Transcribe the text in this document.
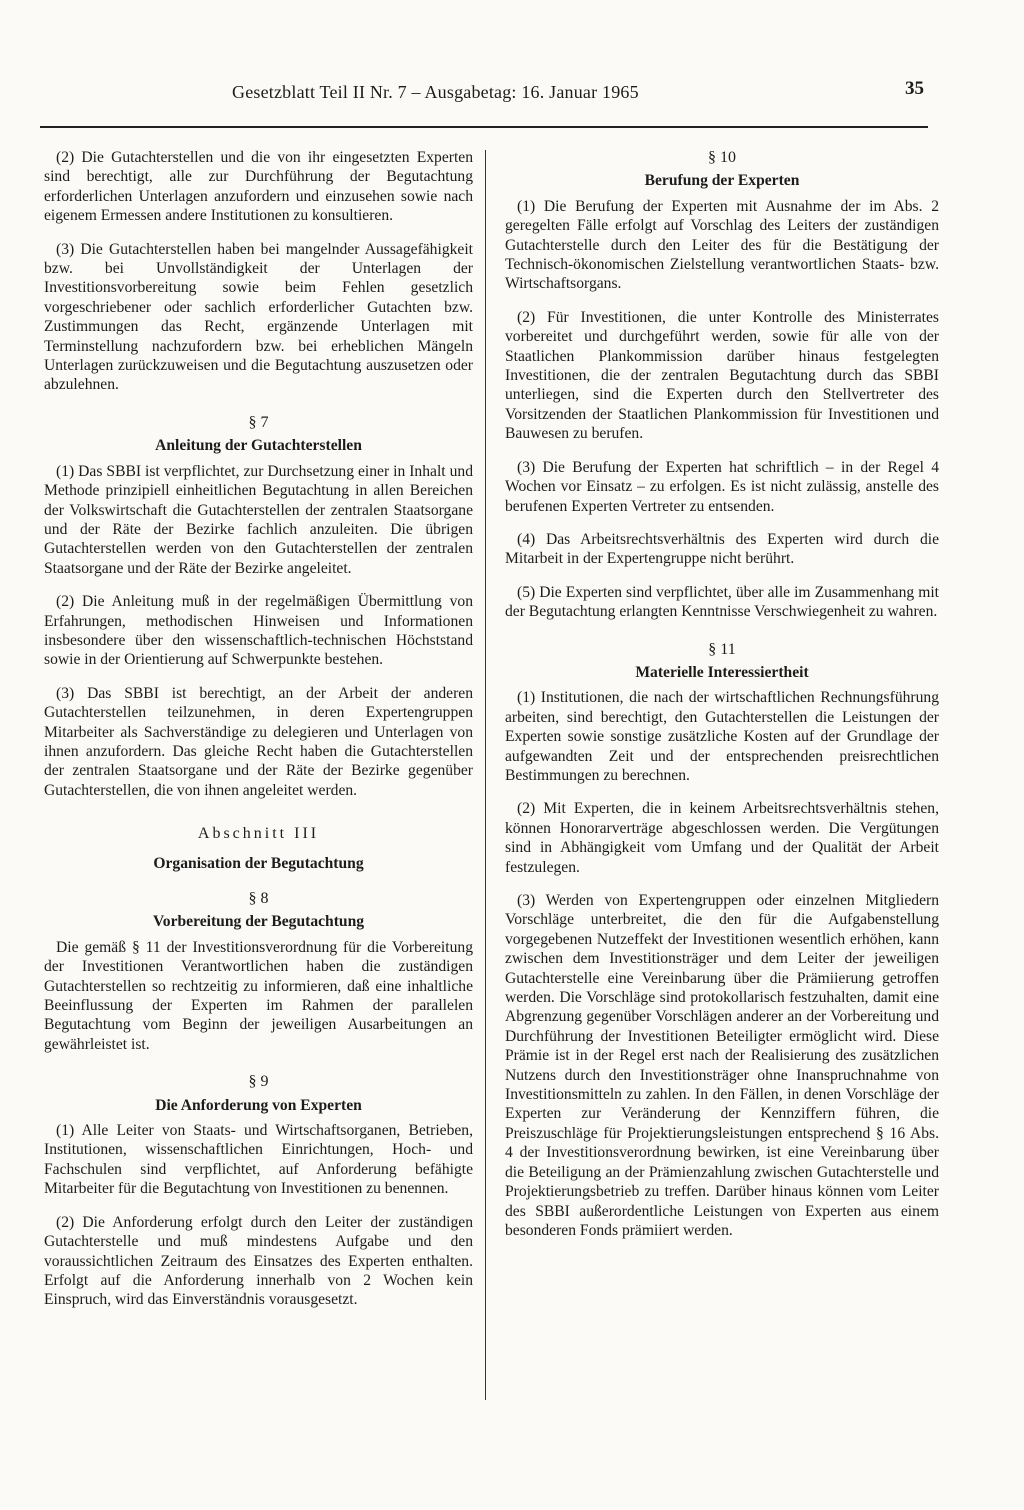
Gesetzblatt Teil II Nr. 7 – Ausgabetag: 16. Januar 1965	35

(2) Die Gutachterstellen und die von ihr eingesetzten Experten sind berechtigt, alle zur Durchführung der Begutachtung erforderlichen Unterlagen anzufordern und einzusehen sowie nach eigenem Ermessen andere Institutionen zu konsultieren.

(3) Die Gutachterstellen haben bei mangelnder Aussagefähigkeit bzw. bei Unvollständigkeit der Unterlagen der Investitionsvorbereitung sowie beim Fehlen gesetzlich vorgeschriebener oder sachlich erforderlicher Gutachten bzw. Zustimmungen das Recht, ergänzende Unterlagen mit Terminstellung nachzufordern bzw. bei erheblichen Mängeln Unterlagen zurückzuweisen und die Begutachtung auszusetzen oder abzulehnen.

§ 7
Anleitung der Gutachterstellen

(1) Das SBBI ist verpflichtet, zur Durchsetzung einer in Inhalt und Methode prinzipiell einheitlichen Begutachtung in allen Bereichen der Volkswirtschaft die Gutachterstellen der zentralen Staatsorgane und der Räte der Bezirke fachlich anzuleiten. Die übrigen Gutachterstellen werden von den Gutachterstellen der zentralen Staatsorgane und der Räte der Bezirke angeleitet.

(2) Die Anleitung muß in der regelmäßigen Übermittlung von Erfahrungen, methodischen Hinweisen und Informationen insbesondere über den wissenschaftlich-technischen Höchststand sowie in der Orientierung auf Schwerpunkte bestehen.

(3) Das SBBI ist berechtigt, an der Arbeit der anderen Gutachterstellen teilzunehmen, in deren Expertengruppen Mitarbeiter als Sachverständige zu delegieren und Unterlagen von ihnen anzufordern. Das gleiche Recht haben die Gutachterstellen der zentralen Staatsorgane und der Räte der Bezirke gegenüber Gutachterstellen, die von ihnen angeleitet werden.

Abschnitt III
Organisation der Begutachtung
§ 8
Vorbereitung der Begutachtung

Die gemäß § 11 der Investitionsverordnung für die Vorbereitung der Investitionen Verantwortlichen haben die zuständigen Gutachterstellen so rechtzeitig zu informieren, daß eine inhaltliche Beeinflussung der Experten im Rahmen der parallelen Begutachtung vom Beginn der jeweiligen Ausarbeitungen an gewährleistet ist.

§ 9
Die Anforderung von Experten

(1) Alle Leiter von Staats- und Wirtschaftsorganen, Betrieben, Institutionen, wissenschaftlichen Einrichtungen, Hoch- und Fachschulen sind verpflichtet, auf Anforderung befähigte Mitarbeiter für die Begutachtung von Investitionen zu benennen.

(2) Die Anforderung erfolgt durch den Leiter der zuständigen Gutachterstelle und muß mindestens Aufgabe und den voraussichtlichen Zeitraum des Einsatzes des Experten enthalten. Erfolgt auf die Anforderung innerhalb von 2 Wochen kein Einspruch, wird das Einverständnis vorausgesetzt.

§ 10
Berufung der Experten

(1) Die Berufung der Experten mit Ausnahme der im Abs. 2 geregelten Fälle erfolgt auf Vorschlag des Leiters der zuständigen Gutachterstelle durch den Leiter des für die Bestätigung der Technisch-ökonomischen Zielstellung verantwortlichen Staats- bzw. Wirtschaftsorgans.

(2) Für Investitionen, die unter Kontrolle des Ministerrates vorbereitet und durchgeführt werden, sowie für alle von der Staatlichen Plankommission darüber hinaus festgelegten Investitionen, die der zentralen Begutachtung durch das SBBI unterliegen, sind die Experten durch den Stellvertreter des Vorsitzenden der Staatlichen Plankommission für Investitionen und Bauwesen zu berufen.

(3) Die Berufung der Experten hat schriftlich – in der Regel 4 Wochen vor Einsatz – zu erfolgen. Es ist nicht zulässig, anstelle des berufenen Experten Vertreter zu entsenden.

(4) Das Arbeitsrechtsverhältnis des Experten wird durch die Mitarbeit in der Expertengruppe nicht berührt.

(5) Die Experten sind verpflichtet, über alle im Zusammenhang mit der Begutachtung erlangten Kenntnisse Verschwiegenheit zu wahren.

§ 11
Materielle Interessiertheit

(1) Institutionen, die nach der wirtschaftlichen Rechnungsführung arbeiten, sind berechtigt, den Gutachterstellen die Leistungen der Experten sowie sonstige zusätzliche Kosten auf der Grundlage der aufgewandten Zeit und der entsprechenden preisrechtlichen Bestimmungen zu berechnen.

(2) Mit Experten, die in keinem Arbeitsrechtsverhältnis stehen, können Honorarverträge abgeschlossen werden. Die Vergütungen sind in Abhängigkeit vom Umfang und der Qualität der Arbeit festzulegen.

(3) Werden von Expertengruppen oder einzelnen Mitgliedern Vorschläge unterbreitet, die den für die Aufgabenstellung vorgegebenen Nutzeffekt der Investitionen wesentlich erhöhen, kann zwischen dem Investitionsträger und dem Leiter der jeweiligen Gutachterstelle eine Vereinbarung über die Prämiierung getroffen werden. Die Vorschläge sind protokollarisch festzuhalten, damit eine Abgrenzung gegenüber Vorschlägen anderer an der Vorbereitung und Durchführung der Investitionen Beteiligter ermöglicht wird. Diese Prämie ist in der Regel erst nach der Realisierung des zusätzlichen Nutzens durch den Investitionsträger ohne Inanspruchnahme von Investitionsmitteln zu zahlen. In den Fällen, in denen Vorschläge der Experten zur Veränderung der Kennziffern führen, die Preiszuschläge für Projektierungsleistungen entsprechend § 16 Abs. 4 der Investitionsverordnung bewirken, ist eine Vereinbarung über die Beteiligung an der Prämienzahlung zwischen Gutachterstelle und Projektierungsbetrieb zu treffen. Darüber hinaus können vom Leiter des SBBI außerordentliche Leistungen von Experten aus einem besonderen Fonds prämiiert werden.
